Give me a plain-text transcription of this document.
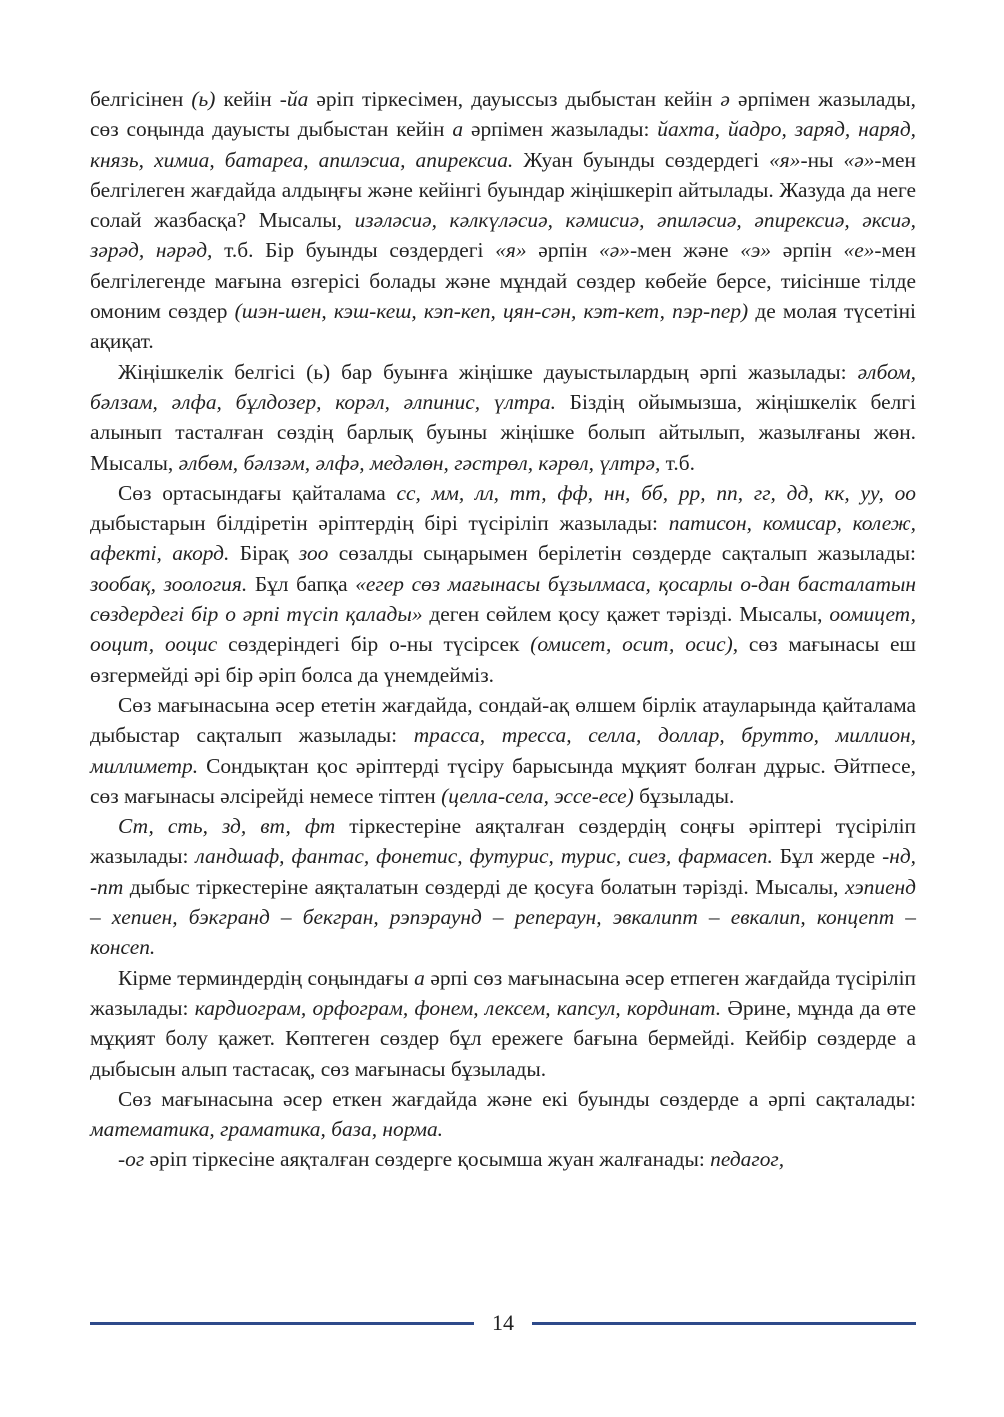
белгісінен (ь) кейін -йа әріп тіркесімен, дауыссыз дыбыстан кейін ә әрпімен жазылады, сөз соңында дауысты дыбыстан кейін а әрпімен жазылады: йахта, йадро, заряд, наряд, князь, химиа, батареа, апилэсиа, апирексиа. Жуан буынды сөздердегі «я»-ны «ә»-мен белгілеген жағдайда алдыңғы және кейінгі буындар жіңішкеріп айтылады. Жазуда да неге солай жазбасқа? Мысалы, изәләсиә, кәлкүләсиә, кәмисиә, әпиләсиә, әпирексиә, әксиә, зәрәд, нәрәд, т.б. Бір буынды сөздердегі «я» әрпін «ә»-мен және «э» әрпін «е»-мен белгілегенде мағына өзгерісі болады және мұндай сөздер көбейе берсе, тиісінше тілде омоним сөздер (шэн-шен, кэш-кеш, кэп-кеп, цян-сән, кэт-кет, пэр-пер) де молая түсетіні ақиқат.

Жіңішкелік белгісі (ь) бар буынға жіңішке дауыстылардың әрпі жазылады: әлбом, бәлзам, әлфа, бұлдозер, корәл, әлпинис, үлтра. Біздің ойымызша, жіңішкелік белгі алынып тасталған сөздің барлық буыны жіңішке болып айтылып, жазылғаны жөн. Мысалы, әлбөм, бәлзәм, әлфә, медәлөн, гәстрөл, кәрөл, үлтрә, т.б.

Сөз ортасындағы қайталама сс, мм, лл, тт, фф, нн, бб, рр, пп, гг, дд, кк, уу, оо дыбыстарын білдіретін әріптердің бірі түсіріліп жазылады: патисон, комисар, колеж, афекті, акорд. Бірақ зоо сөзалды сыңарымен берілетін сөздерде сақталып жазылады: зообақ, зоология. Бұл бапқа «егер сөз мағынасы бұзылмаса, қосарлы о-дан басталатын сөздердегі бір о әрпі түсіп қалады» деген сөйлем қосу қажет тәрізді. Мысалы, оомицет, ооцит, ооцис сөздеріндегі бір о-ны түсірсек (омисет, осит, осис), сөз мағынасы еш өзгермейді әрі бір әріп болса да үнемдейміз.

Сөз мағынасына әсер ететін жағдайда, сондай-ақ өлшем бірлік атауларында қайталама дыбыстар сақталып жазылады: трасса, тресса, селла, доллар, брутто, миллион, миллиметр. Сондықтан қос әріптерді түсіру барысында мұқият болған дұрыс. Әйтпесе, сөз мағынасы әлсірейді немесе тіптен (целла-села, эссе-есе) бұзылады.

Ст, сть, зд, вт, фт тіркестеріне аяқталған сөздердің соңғы әріптері түсіріліп жазылады: ландшаф, фантас, фонетис, футурис, турис, сиез, фармасеп. Бұл жерде -нд, -пт дыбыс тіркестеріне аяқталатын сөздерді де қосуға болатын тәрізді. Мысалы, хэпиенд – хепиен, бэкгранд – бекгран, рэпэраунд – репераун, эвкалипт – евкалип, концепт – консеп.

Кірме терминдердің соңындағы а әрпі сөз мағынасына әсер етпеген жағдайда түсіріліп жазылады: кардиограм, орфограм, фонем, лексем, капсул, кординат. Әрине, мұнда да өте мұқият болу қажет. Көптеген сөздер бұл ережеге бағына бермейді. Кейбір сөздерде а дыбысын алып тастасақ, сөз мағынасы бұзылады.

Сөз мағынасына әсер еткен жағдайда және екі буынды сөздерде а әрпі сақталады: математика, граматика, база, норма.

-ог әріп тіркесіне аяқталған сөздерге қосымша жуан жалғанады: педагог,

14
